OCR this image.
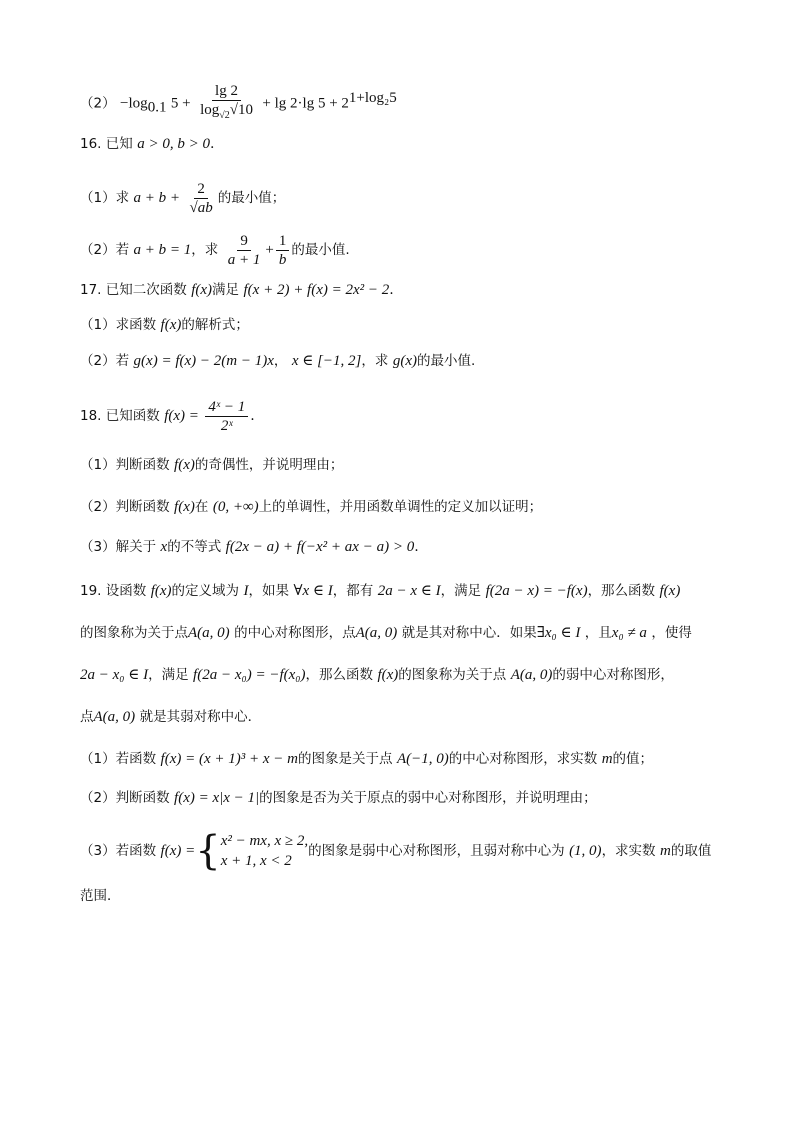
$(2) -\log_{0.1}$ $5 + \frac{\lg 2}{\log_{√2}√10} + \lg 2\cdot\lg$ $5 + 2^{1+log_25}$
16. 已知 a > 0, b > 0.
（1）求 $a + b + \frac{2}{√ab}$ 的最小值；
（2）若 a + b = 1，求 $\frac{9}{a + 1} + \frac{1}{b}$ 的最小值.
17. 已知二次函数 f(x)满足 f(x + 2) + f(x) = 2x² − 2.
（1）求函数 f(x)的解析式；
（2）若 g(x) = f(x) − 2(m − 1)x， x ∈ [−1, 2]，求 g(x)的最小值.
18. 已知函数 $f(x) = \frac{\text{4ˣ − 1}}{\text{2ˣ}}$ .
（1）判断函数 f(x)的奇偶性，并说明理由；
（2）判断函数 f(x)在 (0, +∞)上的单调性，并用函数单调性的定义加以证明；
（3）解关于 x的不等式 f(2x − a) + f(−x² + ax − a) > 0.
19. 设函数 f(x)的定义域为 I，如果 ∀x ∈ I，都有 2a − x ∈ I，满足 f(2a − x) = −f(x)，那么函数 f(x)
的图象称为关于点A(a, 0) 的中心对称图形，点A(a, 0) 就是其对称中心．如果∃x₀ ∈ I ，且x₀ ≠ a ，使得
2a − x₀ ∈ I，满足 f(2a − x₀) = −f(x₀)，那么函数 f(x)的图象称为关于点 A(a, 0)的弱中心对称图形，
点A(a, 0) 就是其弱对称中心．
（1）若函数 f(x) = (x + 1)³ + x − m的图象是关于点 A(−1, 0)的中心对称图形，求实数 m的值；
（2）判断函数 f(x) = x|x − 1|的图象是否为关于原点的弱中心对称图形，并说明理由；
（3）若函数 f(x) ={ x² − mx, x ≥ 2,
x + 1, x < 2
的图象是弱中心对称图形，且弱对称中心为 (1, 0)，求实数 m的取值
范围．
